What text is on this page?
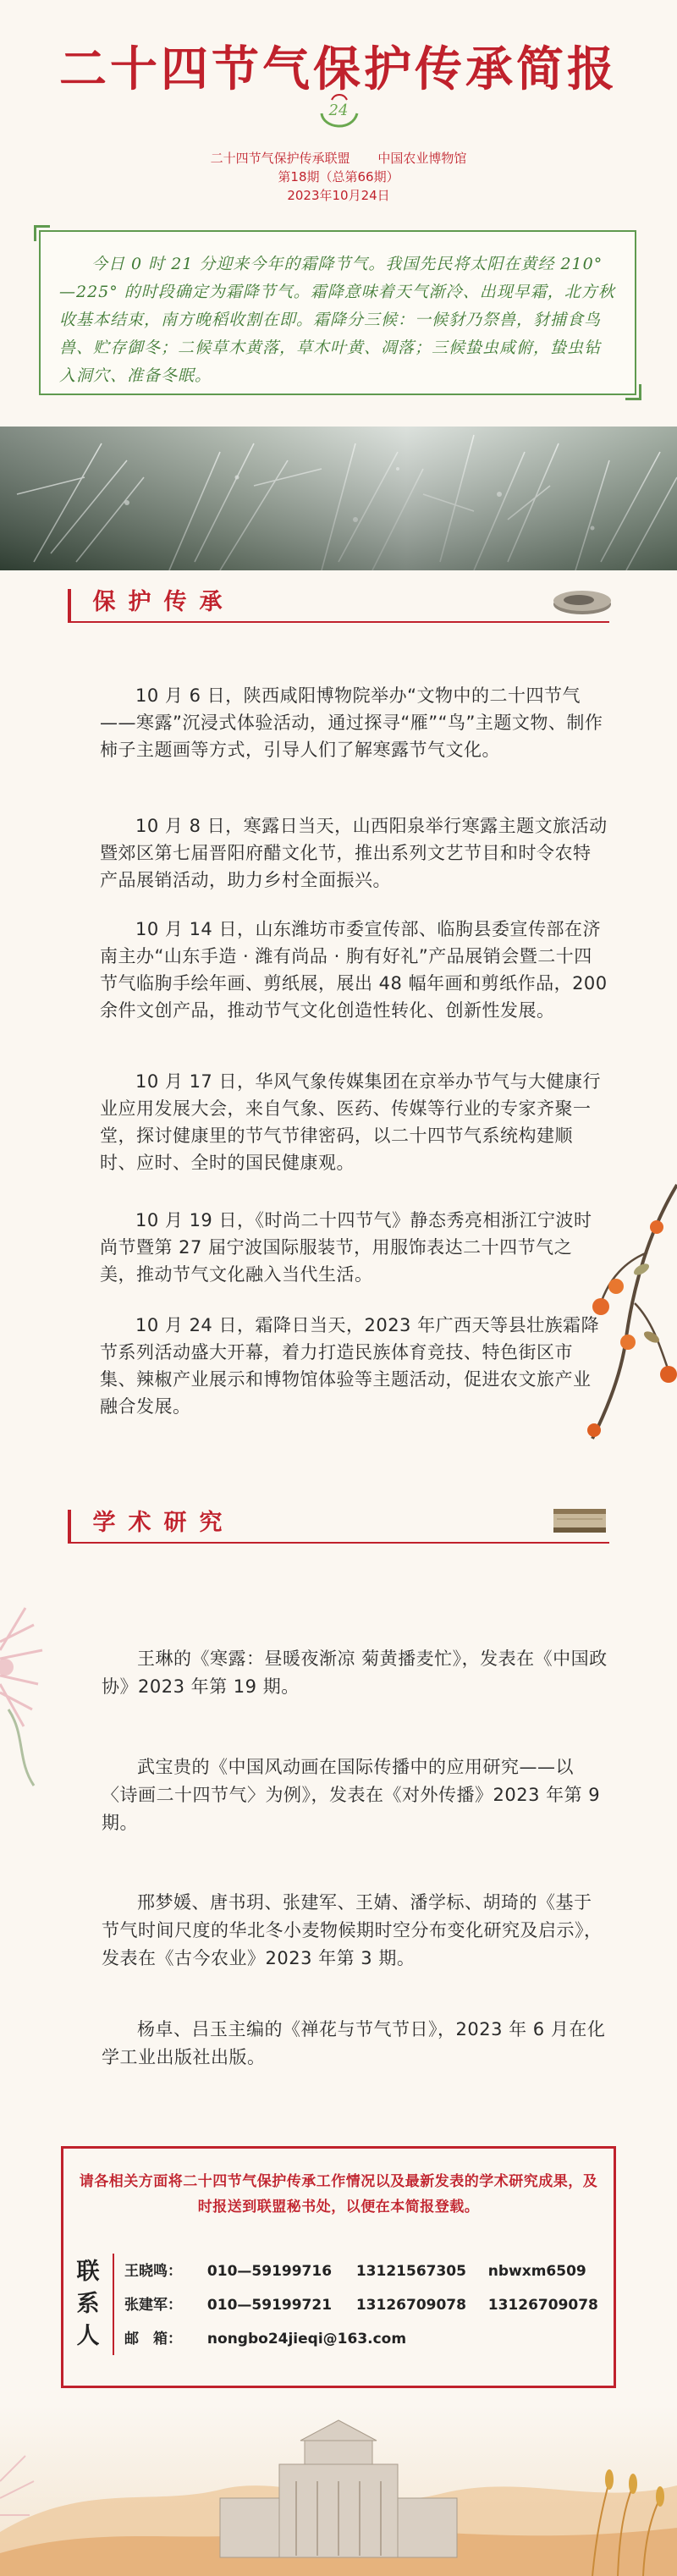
二十四节气保护传承简报
24
二十四节气保护传承联盟 中国农业博物馆
第18期（总第66期）
2023年10月24日
今日 0 时 21 分迎来今年的霜降节气。我国先民将太阳在黄经 210°—225° 的时段确定为霜降节气。霜降意味着天气渐冷、出现早霜，北方秋收基本结束，南方晚稻收割在即。霜降分三候：一候豺乃祭兽，豺捕食鸟兽、贮存御冬；二候草木黄落，草木叶黄、凋落；三候蛰虫咸俯，蛰虫钻入洞穴、准备冬眠。
保 护 传 承
10 月 6 日，陕西咸阳博物院举办“文物中的二十四节气——寒露”沉浸式体验活动，通过探寻“雁”“鸟”主题文物、制作柿子主题画等方式，引导人们了解寒露节气文化。
10 月 8 日，寒露日当天，山西阳泉举行寒露主题文旅活动暨郊区第七届晋阳府醋文化节，推出系列文艺节目和时令农特产品展销活动，助力乡村全面振兴。
10 月 14 日，山东潍坊市委宣传部、临朐县委宣传部在济南主办“山东手造 · 潍有尚品 · 朐有好礼”产品展销会暨二十四节气临朐手绘年画、剪纸展，展出 48 幅年画和剪纸作品，200 余件文创产品，推动节气文化创造性转化、创新性发展。
10 月 17 日，华风气象传媒集团在京举办节气与大健康行业应用发展大会，来自气象、医药、传媒等行业的专家齐聚一堂，探讨健康里的节气节律密码，以二十四节气系统构建顺时、应时、全时的国民健康观。
10 月 19 日，《时尚二十四节气》静态秀亮相浙江宁波时尚节暨第 27 届宁波国际服装节，用服饰表达二十四节气之美，推动节气文化融入当代生活。
10 月 24 日，霜降日当天，2023 年广西天等县壮族霜降节系列活动盛大开幕，着力打造民族体育竞技、特色街区市集、辣椒产业展示和博物馆体验等主题活动，促进农文旅产业融合发展。
学 术 研 究
王琳的《寒露：昼暖夜渐凉 菊黄播麦忙》，发表在《中国政协》2023 年第 19 期。
武宝贵的《中国风动画在国际传播中的应用研究——以〈诗画二十四节气〉为例》，发表在《对外传播》2023 年第 9 期。
邢梦媛、唐书玥、张建军、王婧、潘学标、胡琦的《基于节气时间尺度的华北冬小麦物候期时空分布变化研究及启示》，发表在《古今农业》2023 年第 3 期。
杨卓、吕玉主编的《禅花与节气节日》，2023 年 6 月在化学工业出版社出版。
请各相关方面将二十四节气保护传承工作情况以及最新发表的学术研究成果，及时报送到联盟秘书处，以便在本简报登载。
联
系
人
王晓鸣： 010—59199716 13121567305 nbwxm6509
张建军： 010—59199721 13126709078 13126709078
邮　箱： nongbo24jieqi@163.com
